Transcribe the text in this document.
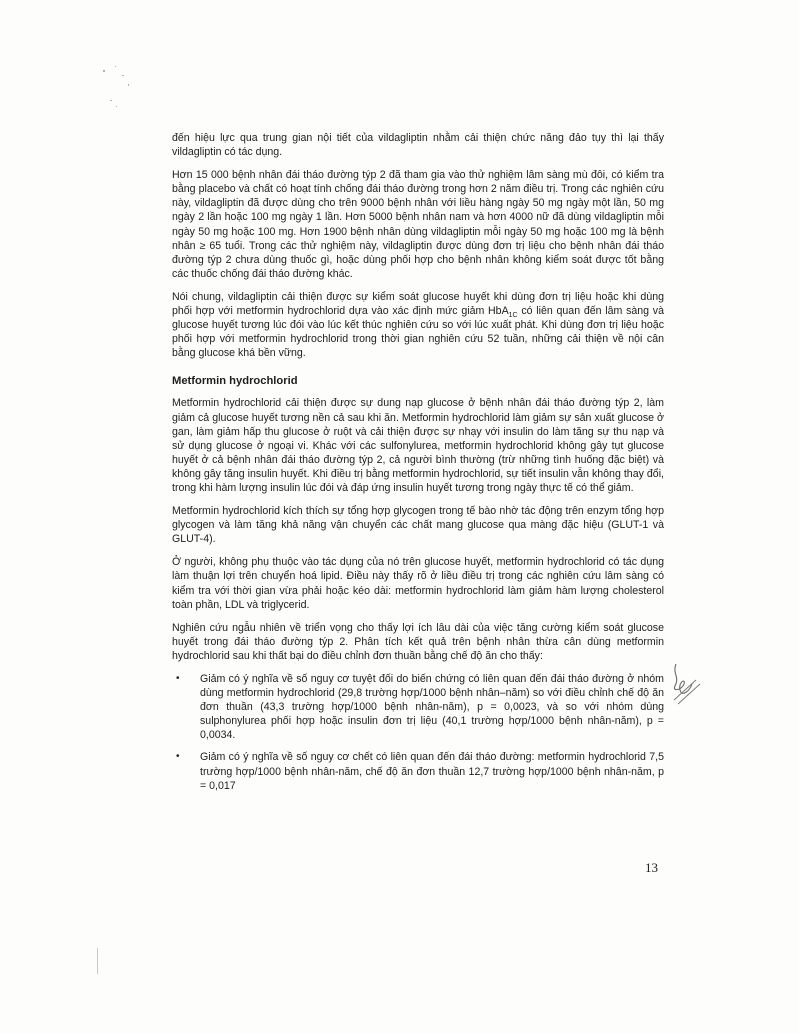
đến hiệu lực qua trung gian nội tiết của vildagliptin nhằm cải thiện chức năng đảo tụy thì lại thấy vildagliptin có tác dụng.

Hơn 15 000 bệnh nhân đái tháo đường týp 2 đã tham gia vào thử nghiệm lâm sàng mù đôi, có kiểm tra bằng placebo và chất có hoạt tính chống đái tháo đường trong hơn 2 năm điều trị. Trong các nghiên cứu này, vildagliptin đã được dùng cho trên 9000 bệnh nhân với liều hàng ngày 50 mg ngày một lần, 50 mg ngày 2 lần hoặc 100 mg ngày 1 lần. Hơn 5000 bệnh nhân nam và hơn 4000 nữ đã dùng vildagliptin mỗi ngày 50 mg hoặc 100 mg. Hơn 1900 bệnh nhân dùng vildagliptin mỗi ngày 50 mg hoặc 100 mg là bệnh nhân ≥ 65 tuổi. Trong các thử nghiệm này, vildagliptin được dùng đơn trị liệu cho bệnh nhân đái tháo đường týp 2 chưa dùng thuốc gì, hoặc dùng phối hợp cho bệnh nhân không kiểm soát được tốt bằng các thuốc chống đái tháo đường khác.

Nói chung, vildagliptin cải thiện được sự kiểm soát glucose huyết khi dùng đơn trị liệu hoặc khi dùng phối hợp với metformin hydrochlorid dựa vào xác định mức giảm HbA$_{1C}$ có liên quan đến lâm sàng và glucose huyết tương lúc đói vào lúc kết thúc nghiên cứu so với lúc xuất phát. Khi dùng đơn trị liệu hoặc phối hợp với metformin hydrochlorid trong thời gian nghiên cứu 52 tuần, những cải thiện về nội cân bằng glucose khá bền vững.

Metformin hydrochlorid

Metformin hydrochlorid cải thiện được sự dung nạp glucose ở bệnh nhân đái tháo đường týp 2, làm giảm cả glucose huyết tương nền cả sau khi ăn. Metformin hydrochlorid làm giảm sự sản xuất glucose ở gan, làm giảm hấp thu glucose ở ruột và cải thiện được sự nhạy với insulin do làm tăng sự thu nạp và sử dụng glucose ở ngoại vi. Khác với các sulfonylurea, metformin hydrochlorid không gây tụt glucose huyết ở cả bệnh nhân đái tháo đường týp 2, cả người bình thường (trừ những tình huống đặc biệt) và không gây tăng insulin huyết. Khi điều trị bằng metformin hydrochlorid, sự tiết insulin vẫn không thay đổi, trong khi hàm lượng insulin lúc đói và đáp ứng insulin huyết tương trong ngày thực tế có thể giảm.

Metformin hydrochlorid kích thích sự tổng hợp glycogen trong tế bào nhờ tác động trên enzym tổng hợp glycogen và làm tăng khả năng vận chuyển các chất mang glucose qua màng đặc hiệu (GLUT-1 và GLUT-4).

Ở người, không phụ thuộc vào tác dụng của nó trên glucose huyết, metformin hydrochlorid có tác dụng làm thuận lợi trên chuyển hoá lipid. Điều này thấy rõ ở liều điều trị trong các nghiên cứu lâm sàng có kiểm tra với thời gian vừa phải hoặc kéo dài: metformin hydrochlorid làm giảm hàm lượng cholesterol toàn phần, LDL và triglycerid.

Nghiên cứu ngẫu nhiên về triển vọng cho thấy lợi ích lâu dài của việc tăng cường kiểm soát glucose huyết trong đái tháo đường týp 2. Phân tích kết quả trên bệnh nhân thừa cân dùng metformin hydrochlorid sau khi thất bại do điều chỉnh đơn thuần bằng chế độ ăn cho thấy:

• Giảm có ý nghĩa về số nguy cơ tuyệt đối do biến chứng có liên quan đến đái tháo đường ở nhóm dùng metformin hydrochlorid (29,8 trường hợp/1000 bệnh nhân–năm) so với điều chỉnh chế độ ăn đơn thuần (43,3 trường hợp/1000 bệnh nhân-năm), p = 0,0023, và so với nhóm dùng sulphonylurea phối hợp hoặc insulin đơn trị liệu (40,1 trường hợp/1000 bệnh nhân-năm), p = 0,0034.
• Giảm có ý nghĩa về số nguy cơ chết có liên quan đến đái tháo đường: metformin hydrochlorid 7,5 trường hợp/1000 bệnh nhân-năm, chế độ ăn đơn thuần 12,7 trường hợp/1000 bệnh nhân-năm, p = 0,017
13
